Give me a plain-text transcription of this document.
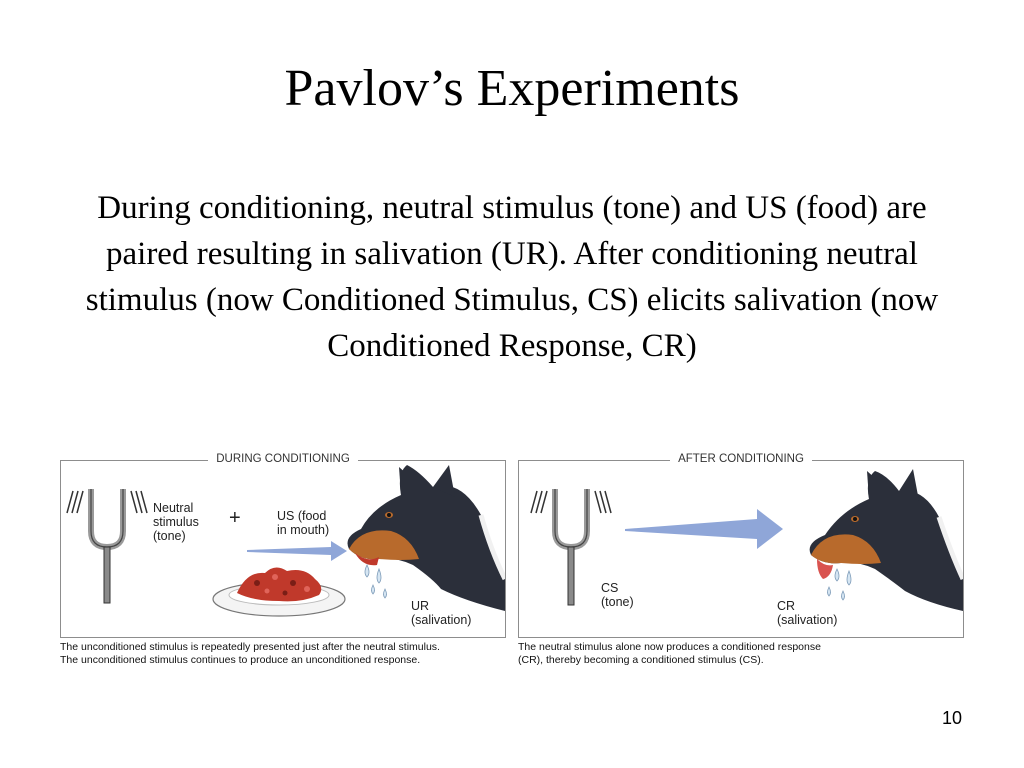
Pavlov’s Experiments
During conditioning, neutral stimulus (tone) and US (food) are paired resulting in salivation (UR). After conditioning neutral stimulus (now Conditioned Stimulus, CS) elicits salivation (now Conditioned Response, CR)
DURING CONDITIONING
Neutral
stimulus
(tone)
+	US (food
in mouth)
UR
(salivation)
AFTER CONDITIONING
CS
(tone)	CR
(salivation)
The unconditioned stimulus is repeatedly presented just after the neutral stimulus.
The unconditioned stimulus continues to produce an unconditioned response.
The neutral stimulus alone now produces a conditioned response
(CR), thereby becoming a conditioned stimulus (CS).
10
